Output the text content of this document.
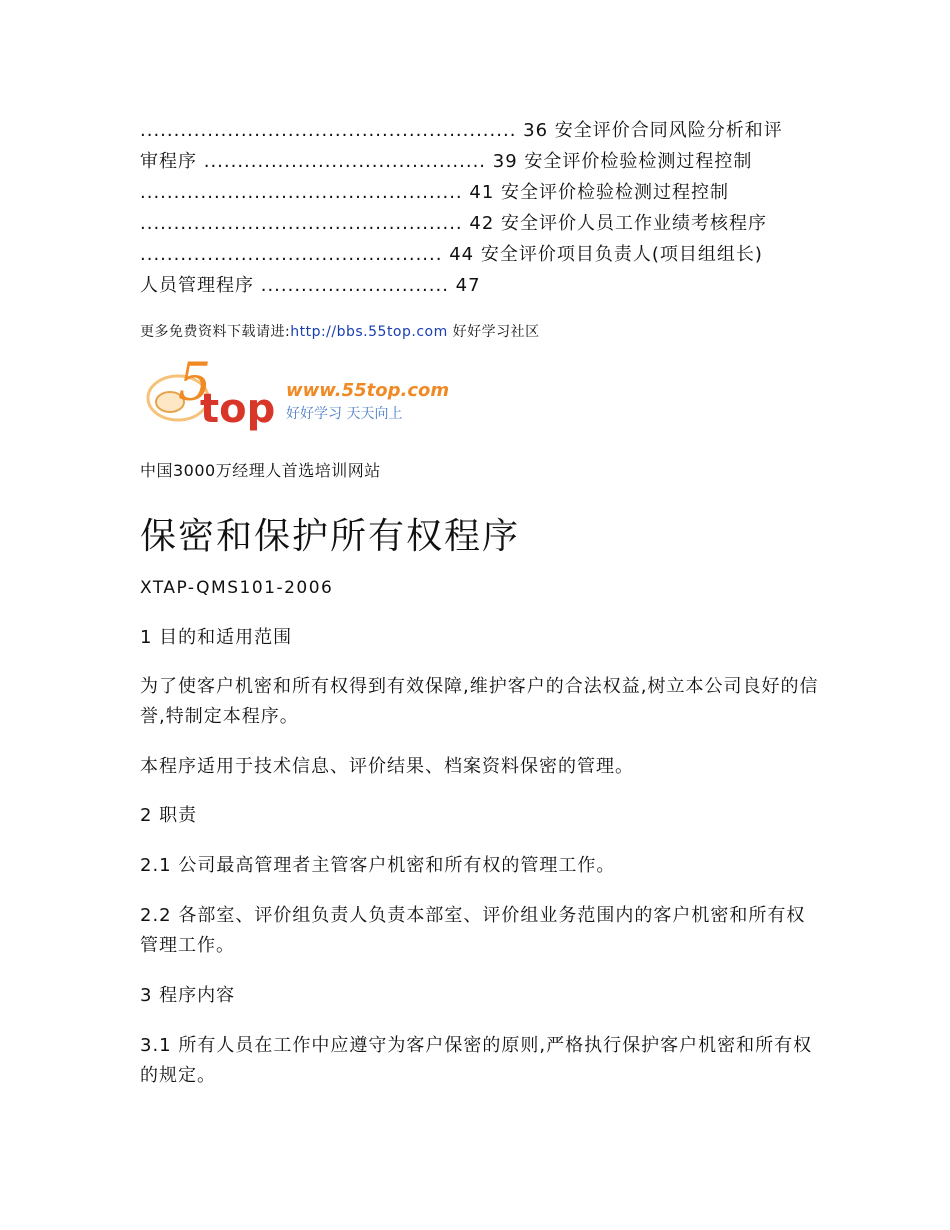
........................................................ 36 安全评价合同风险分析和评
审程序 .......................................... 39 安全评价检验检测过程控制
................................................ 41 安全评价检验检测过程控制
................................................ 42 安全评价人员工作业绩考核程序
............................................. 44 安全评价项目负责人(项目组组长)
人员管理程序 ............................ 47
更多免费资料下载请进:http://bbs.55top.com 好好学习社区
5
top www.55top.com
好好学习 天天向上
中国3000万经理人首选培训网站
保密和保护所有权程序
XTAP-QMS101-2006

1 目的和适用范围

为了使客户机密和所有权得到有效保障,维护客户的合法权益,树立本公司良好的信誉,特制定本程序。

本程序适用于技术信息、评价结果、档案资料保密的管理。

2 职责

2.1 公司最高管理者主管客户机密和所有权的管理工作。

2.2 各部室、评价组负责人负责本部室、评价组业务范围内的客户机密和所有权管理工作。

3 程序内容

3.1 所有人员在工作中应遵守为客户保密的原则,严格执行保护客户机密和所有权的规定。
